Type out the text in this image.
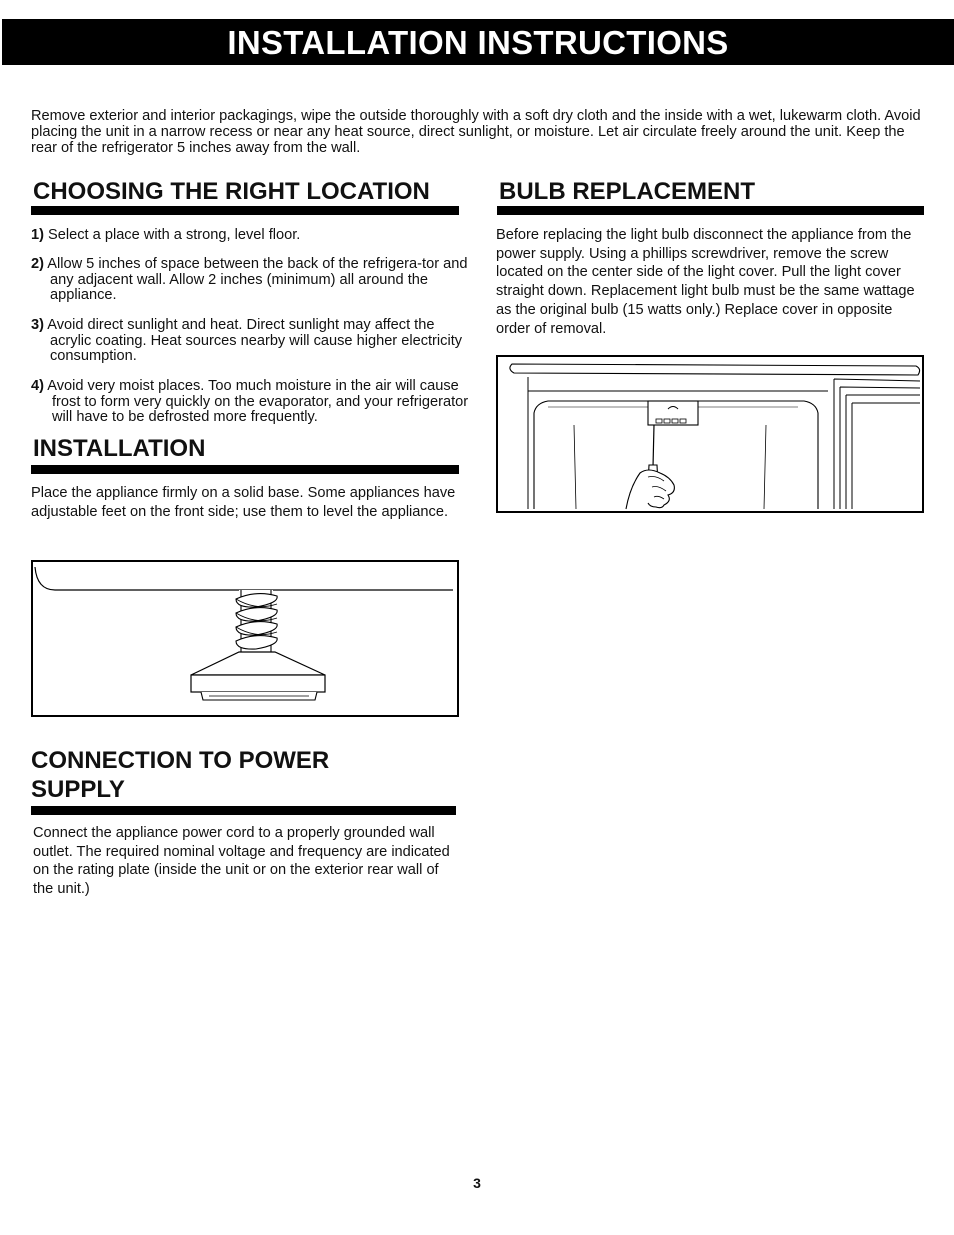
INSTALLATION INSTRUCTIONS

Remove exterior and interior packagings, wipe the outside thoroughly with a soft dry cloth and the inside with a wet, lukewarm cloth. Avoid placing the unit in a narrow recess or near any heat source, direct sunlight, or moisture. Let air circulate freely around the unit. Keep the rear of the refrigerator 5 inches away from the wall.

CHOOSING THE RIGHT LOCATION

1) Select a place with a strong, level floor.

2) Allow 5 inches of space between the back of the refrigera-tor and any adjacent wall. Allow 2 inches (minimum) all around the appliance.

3) Avoid direct sunlight and heat. Direct sunlight may affect the acrylic coating. Heat sources nearby will cause higher electricity consumption.

4) Avoid very moist places. Too much moisture in the air will cause frost to form very quickly on the evaporator, and your refrigerator will have to be defrosted more frequently.

INSTALLATION

Place the appliance firmly on a solid base. Some appliances have adjustable feet on the front side; use them to level the appliance.

CONNECTION TO POWER
SUPPLY

Connect the appliance power cord to a properly grounded wall outlet. The required nominal voltage and frequency are indicated on the rating plate (inside the unit or on the exterior rear wall of the unit.)

BULB REPLACEMENT

Before replacing the light bulb disconnect the appliance from the power supply. Using a phillips screwdriver, remove the screw located on the center side of the light cover. Pull the light cover straight down. Replacement light bulb must be the same wattage as the original bulb (15 watts only.) Replace cover in opposite order of removal.

3
